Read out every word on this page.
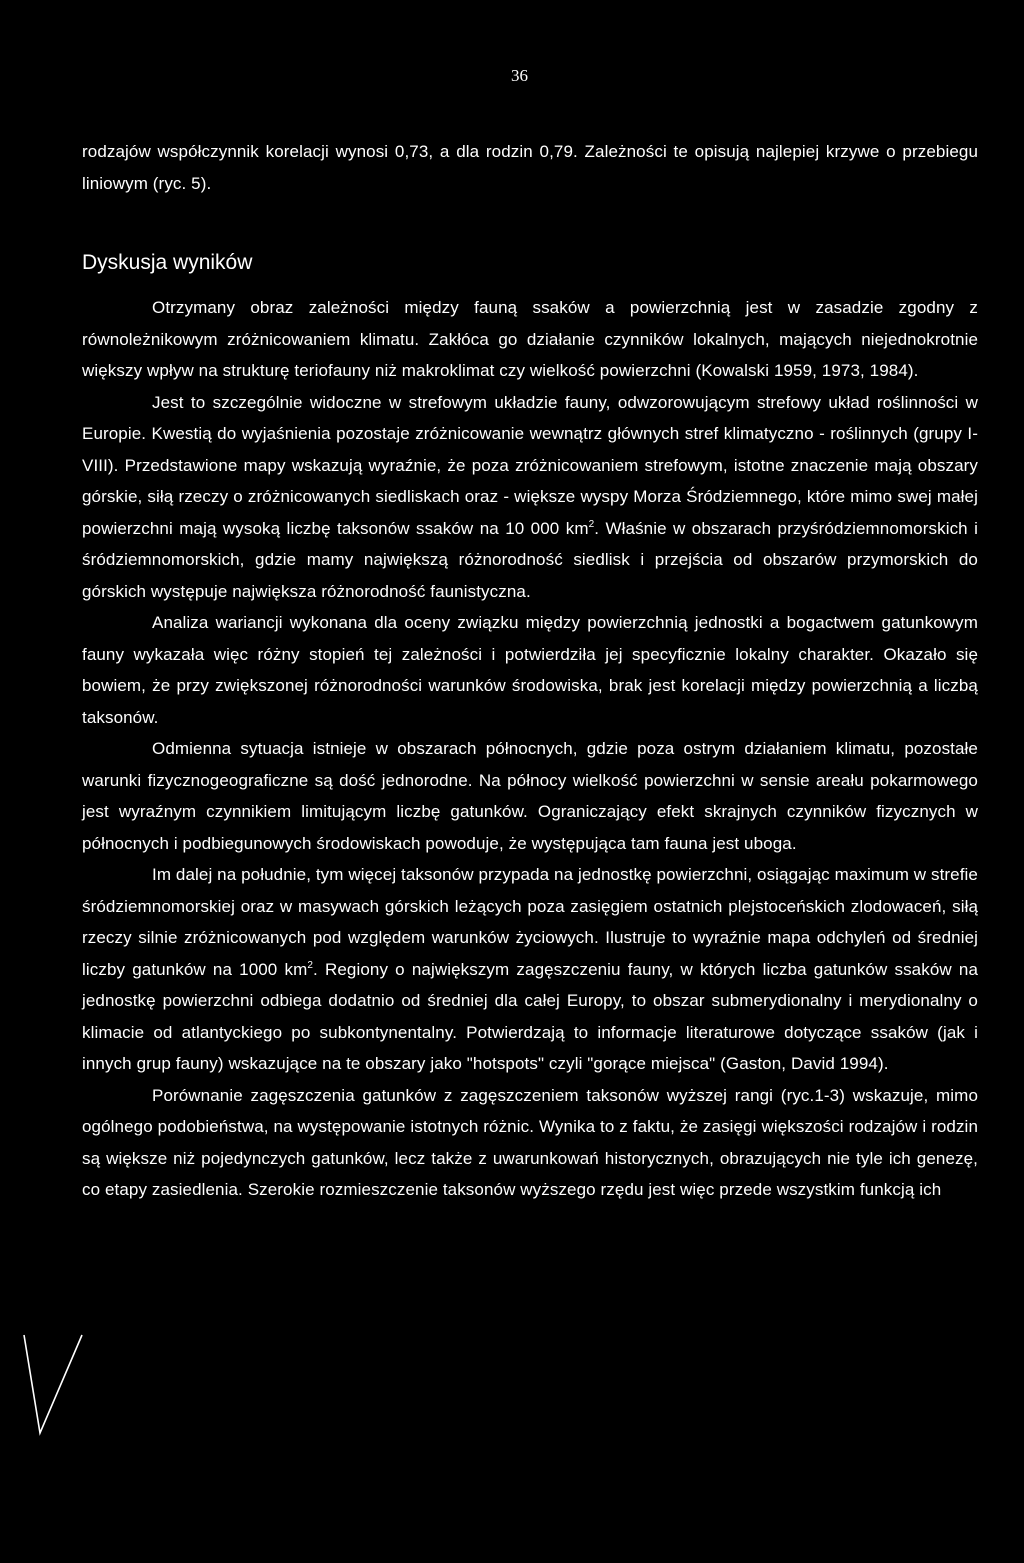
36

rodzajów współczynnik korelacji wynosi 0,73, a dla rodzin 0,79. Zależności te opisują najlepiej krzywe o przebiegu liniowym (ryc. 5).

Dyskusja wyników

Otrzymany obraz zależności między fauną ssaków a powierzchnią jest w zasadzie zgodny z równoleżnikowym zróżnicowaniem klimatu. Zakłóca go działanie czynników lokalnych, mających niejednokrotnie większy wpływ na strukturę teriofauny niż makroklimat czy wielkość powierzchni (Kowalski 1959, 1973, 1984).

Jest to szczególnie widoczne w strefowym układzie fauny, odwzorowującym strefowy układ roślinności w Europie. Kwestią do wyjaśnienia pozostaje zróżnicowanie wewnątrz głównych stref klimatyczno - roślinnych (grupy I-VIII). Przedstawione mapy wskazują wyraźnie, że poza zróżnicowaniem strefowym, istotne znaczenie mają obszary górskie, siłą rzeczy o zróżnicowanych siedliskach oraz - większe wyspy Morza Śródziemnego, które mimo swej małej powierzchni mają wysoką liczbę taksonów ssaków na 10 000 $km^2$. Właśnie w obszarach przyśródziemnomorskich i śródziemnomorskich, gdzie mamy największą różnorodność siedlisk i przejścia od obszarów przymorskich do górskich występuje największa różnorodność faunistyczna.

Analiza wariancji wykonana dla oceny związku między powierzchnią jednostki a bogactwem gatunkowym fauny wykazała więc różny stopień tej zależności i potwierdziła jej specyficznie lokalny charakter. Okazało się bowiem, że przy zwiększonej różnorodności warunków środowiska, brak jest korelacji między powierzchnią a liczbą taksonów.

Odmienna sytuacja istnieje w obszarach północnych, gdzie poza ostrym działaniem klimatu, pozostałe warunki fizycznogeograficzne są dość jednorodne. Na północy wielkość powierzchni w sensie areału pokarmowego jest wyraźnym czynnikiem limitującym liczbę gatunków. Ograniczający efekt skrajnych czynników fizycznych w północnych i podbiegunowych środowiskach powoduje, że występująca tam fauna jest uboga.

Im dalej na południe, tym więcej taksonów przypada na jednostkę powierzchni, osiągając maximum w strefie śródziemnomorskiej oraz w masywach górskich leżących poza zasięgiem ostatnich plejstoceńskich zlodowaceń, siłą rzeczy silnie zróżnicowanych pod względem warunków życiowych. Ilustruje to wyraźnie mapa odchyleń od średniej liczby gatunków na 1000 $km^2$. Regiony o największym zagęszczeniu fauny, w których liczba gatunków ssaków na jednostkę powierzchni odbiega dodatnio od średniej dla całej Europy, to obszar submerydionalny i merydionalny o klimacie od atlantyckiego po subkontynentalny. Potwierdzają to informacje literaturowe dotyczące ssaków (jak i innych grup fauny) wskazujące na te obszary jako "hotspots" czyli "gorące miejsca" (Gaston, David 1994).

Porównanie zagęszczenia gatunków z zagęszczeniem taksonów wyższej rangi (ryc.1-3) wskazuje, mimo ogólnego podobieństwa, na występowanie istotnych różnic. Wynika to z faktu, że zasięgi większości rodzajów i rodzin są większe niż pojedynczych gatunków, lecz także z uwarunkowań historycznych, obrazujących nie tyle ich genezę, co etapy zasiedlenia. Szerokie rozmieszczenie taksonów wyższego rzędu jest więc przede wszystkim funkcją ich
